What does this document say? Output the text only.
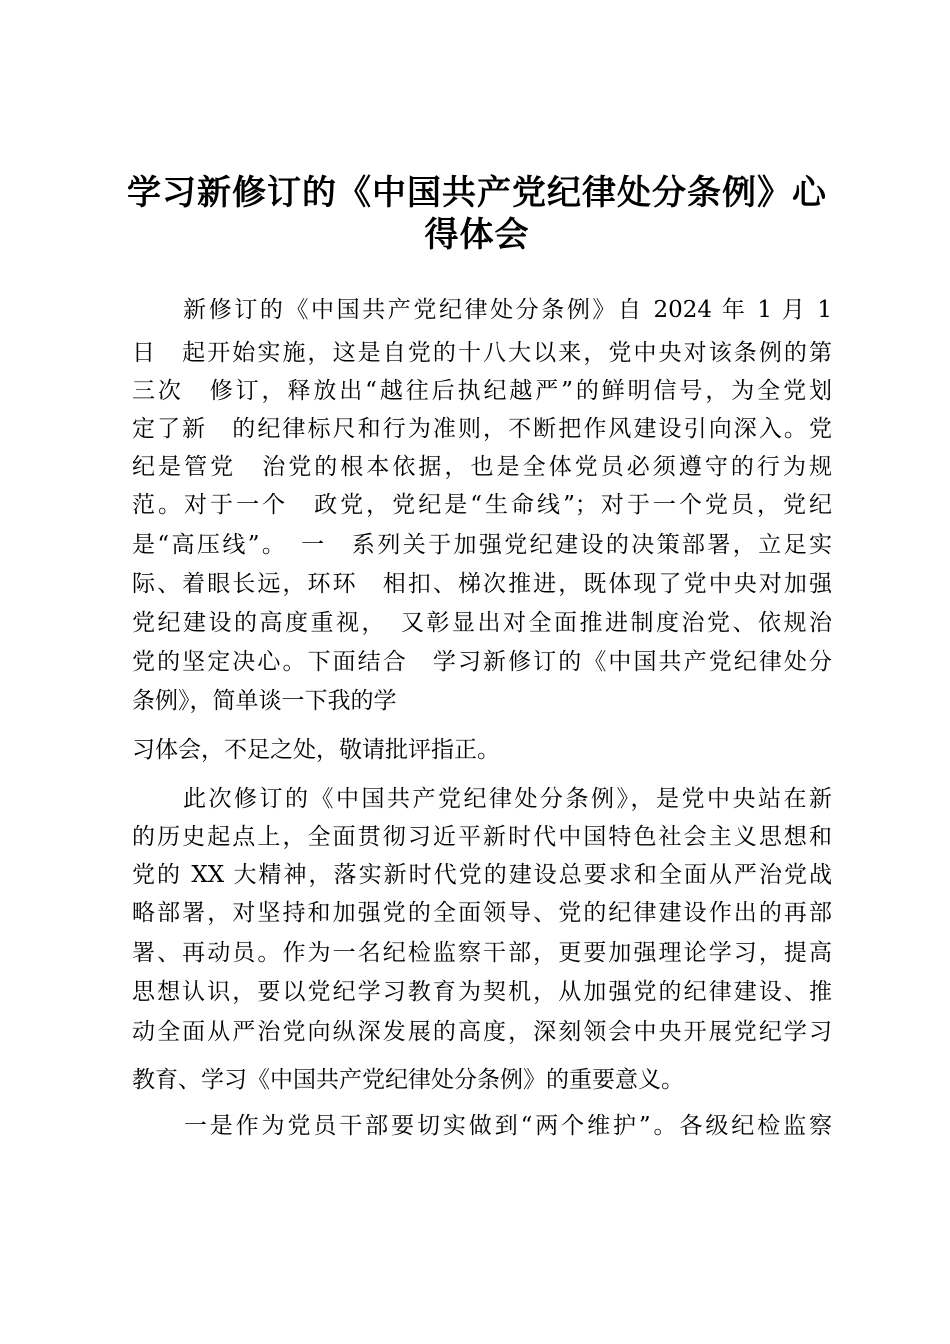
学习新修订的《中国共产党纪律处分条例》心
得体会
　　新修订的《中国共产党纪律处分条例》自 2024 年 1 月 1
日　起开始实施，这是自党的十八大以来，党中央对该条例的第
三次　修订，释放出“越往后执纪越严”的鲜明信号，为全党划
定了新　的纪律标尺和行为准则，不断把作风建设引向深入。党
纪是管党　治党的根本依据，也是全体党员必须遵守的行为规
范。对于一个　政党，党纪是“生命线”；对于一个党员，党纪
是“高压线”。　一　系列关于加强党纪建设的决策部署，立足实
际、着眼长远，环环　相扣、梯次推进，既体现了党中央对加强
党纪建设的高度重视，　又彰显出对全面推进制度治党、依规治
党的坚定决心。下面结合　学习新修订的《中国共产党纪律处分
条例》，简单谈一下我的学
习体会，不足之处，敬请批评指正。
　　此次修订的《中国共产党纪律处分条例》，是党中央站在新
的历史起点上，全面贯彻习近平新时代中国特色社会主义思想和
党的 XX 大精神，落实新时代党的建设总要求和全面从严治党战
略部署，对坚持和加强党的全面领导、党的纪律建设作出的再部
署、再动员。作为一名纪检监察干部，更要加强理论学习，提高
思想认识，要以党纪学习教育为契机，从加强党的纪律建设、推
动全面从严治党向纵深发展的高度，深刻领会中央开展党纪学习
教育、学习《中国共产党纪律处分条例》的重要意义。
　　一是作为党员干部要切实做到“两个维护”。各级纪检监察
